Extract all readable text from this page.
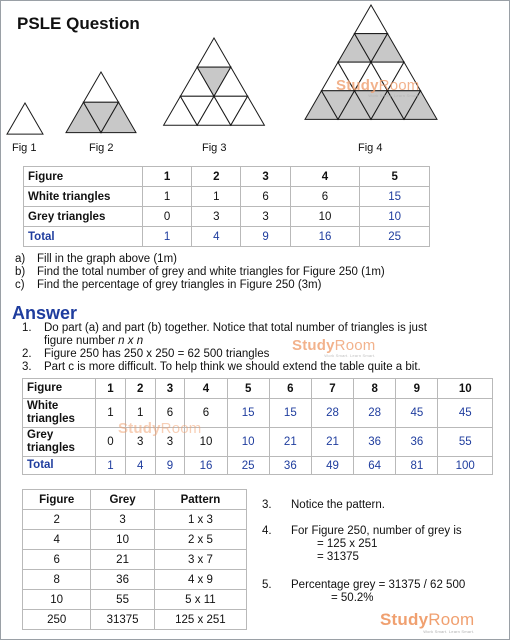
PSLE Question
Fig 1	Fig 2	Fig 3	Fig 4
Figure	1	2	3	4	5
White triangles	1	1	6	6	15
Grey triangles	0	3	3	10	10
Total	1	4	9	16	25
a) Fill in the graph above (1m)
b) Find the total number of grey and white triangles for Figure 250 (1m)
c) Find the percentage of grey triangles in Figure 250 (3m)
Answer
1. Do part (a) and part (b) together. Notice that total number of triangles is just
figure number n x n
2. Figure 250 has 250 x 250 = 62 500 triangles
3. Part c is more difficult. To help think we should extend the table quite a bit.
Figure	1	2	3	4	5	6	7	8	9	10
White triangles	1	1	6	6	15	15	28	28	45	45
Grey triangles	0	3	3	10	10	21	21	36	36	55
Total	1	4	9	16	25	36	49	64	81	100
Figure	Grey	Pattern
2	3	1 x 3
4	10	2 x 5
6	21	3 x 7
8	36	4 x 9
10	55	5 x 11
250	31375	125 x 251
3. Notice the pattern.
4. For Figure 250, number of grey is
= 125 x 251
= 31375
5. Percentage grey = 31375 / 62 500
= 50.2%
StudyRoom
Work Smart. Learn Smart.
StudyRoom
Work Smart. Learn Smart.
StudyRoom
StudyRoom
Work Smart. Learn Smart.
